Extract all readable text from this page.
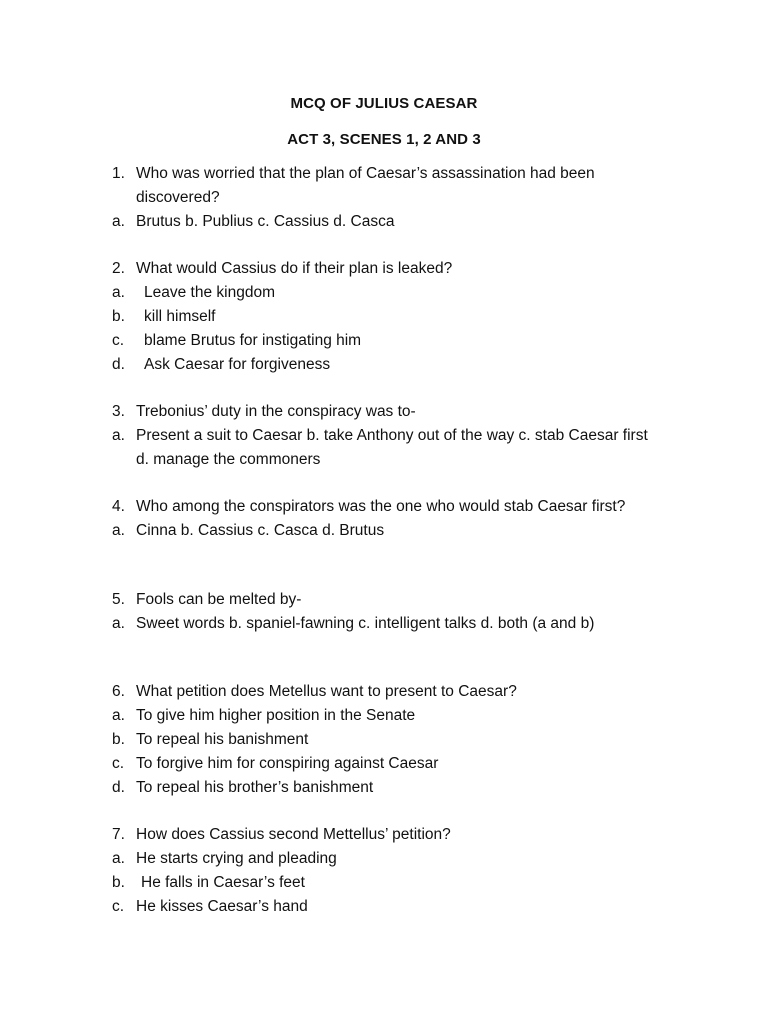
MCQ OF JULIUS CAESAR
ACT 3, SCENES 1, 2 AND 3
1. Who was worried that the plan of Caesar’s assassination had been
discovered?
a. Brutus b. Publius c. Cassius d. Casca
2. What would Cassius do if their plan is leaked?
a. Leave the kingdom
b. kill himself
c. blame Brutus for instigating him
d. Ask Caesar for forgiveness
3. Trebonius’ duty in the conspiracy was to-
a. Present a suit to Caesar b. take Anthony out of the way c. stab Caesar first
d. manage the commoners
4. Who among the conspirators was the one who would stab Caesar first?
a. Cinna b. Cassius c. Casca d. Brutus
5. Fools can be melted by-
a. Sweet words b. spaniel-fawning c. intelligent talks d. both (a and b)
6. What petition does Metellus want to present to Caesar?
a. To give him higher position in the Senate
b. To repeal his banishment
c. To forgive him for conspiring against Caesar
d. To repeal his brother’s banishment
7. How does Cassius second Mettellus’ petition?
a. He starts crying and pleading
b. He falls in Caesar’s feet
c. He kisses Caesar’s hand
